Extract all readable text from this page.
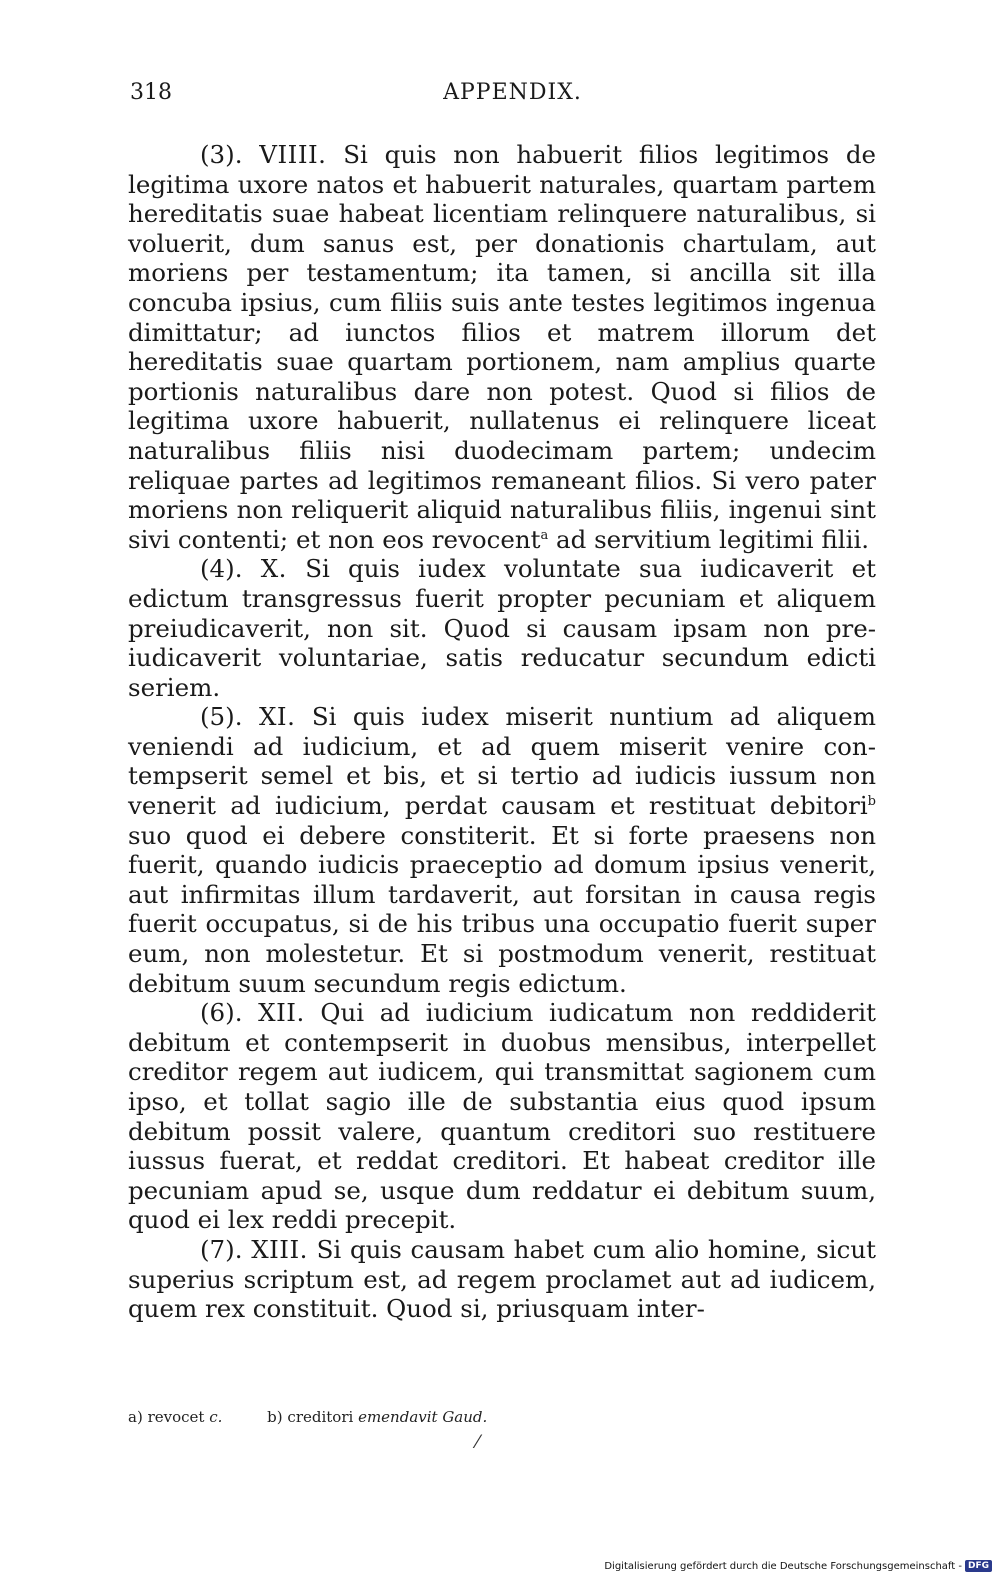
318	APPENDIX.

(3). VIIII. Si quis non habuerit filios legitimos de legitima uxore natos et habuerit naturales, quartam partem hereditatis suae habeat licentiam relinquere naturalibus, si voluerit, dum sanus est, per donationis chartulam, aut moriens per testamentum; ita tamen, si ancilla sit illa concuba ipsius, cum filiis suis ante testes legitimos ingenua dimittatur; ad iunctos filios et matrem illorum det hereditatis suae quartam portionem, nam amplius quarte portionis naturalibus dare non potest. Quod si filios de legitima uxore habuerit, nullatenus ei relinquere liceat naturalibus filiis nisi duodecimam partem; undecim reliquae partes ad legitimos remaneant filios. Si vero pater moriens non reliquerit aliquid naturalibus filiis, ingenui sint sivi contenti; et non eos revocent$^a$ ad servitium legitimi filii.

(4). X. Si quis iudex voluntate sua iudicaverit et edictum transgressus fuerit propter pecuniam et aliquem preiudicaverit, non sit. Quod si causam ipsam non preiudicaverit voluntariae, satis reducatur secundum edicti seriem.

(5). XI. Si quis iudex miserit nuntium ad aliquem veniendi ad iudicium, et ad quem miserit venire contempserit semel et bis, et si tertio ad iudicis iussum non venerit ad iudicium, perdat causam et restituat debitori$^b$ suo quod ei debere constiterit. Et si forte praesens non fuerit, quando iudicis praeceptio ad domum ipsius venerit, aut infirmitas illum tardaverit, aut forsitan in causa regis fuerit occupatus, si de his tribus una occupatio fuerit super eum, non molestetur. Et si postmodum venerit, restituat debitum suum secundum regis edictum.

(6). XII. Qui ad iudicium iudicatum non reddiderit debitum et contempserit in duobus mensibus, interpellet creditor regem aut iudicem, qui transmittat sagionem cum ipso, et tollat sagio ille de substantia eius quod ipsum debitum possit valere, quantum creditori suo restituere iussus fuerat, et reddat creditori. Et habeat creditor ille pecuniam apud se, usque dum reddatur ei debitum suum, quod ei lex reddi precepit.

(7). XIII. Si quis causam habet cum alio homine, sicut superius scriptum est, ad regem proclamet aut ad iudicem, quem rex constituit. Quod si, priusquam inter-

a) revocet c.	b) creditori emendavit Gaud.
⁄
Digitalisierung gefördert durch die Deutsche Forschungsgemeinschaft - DFG
